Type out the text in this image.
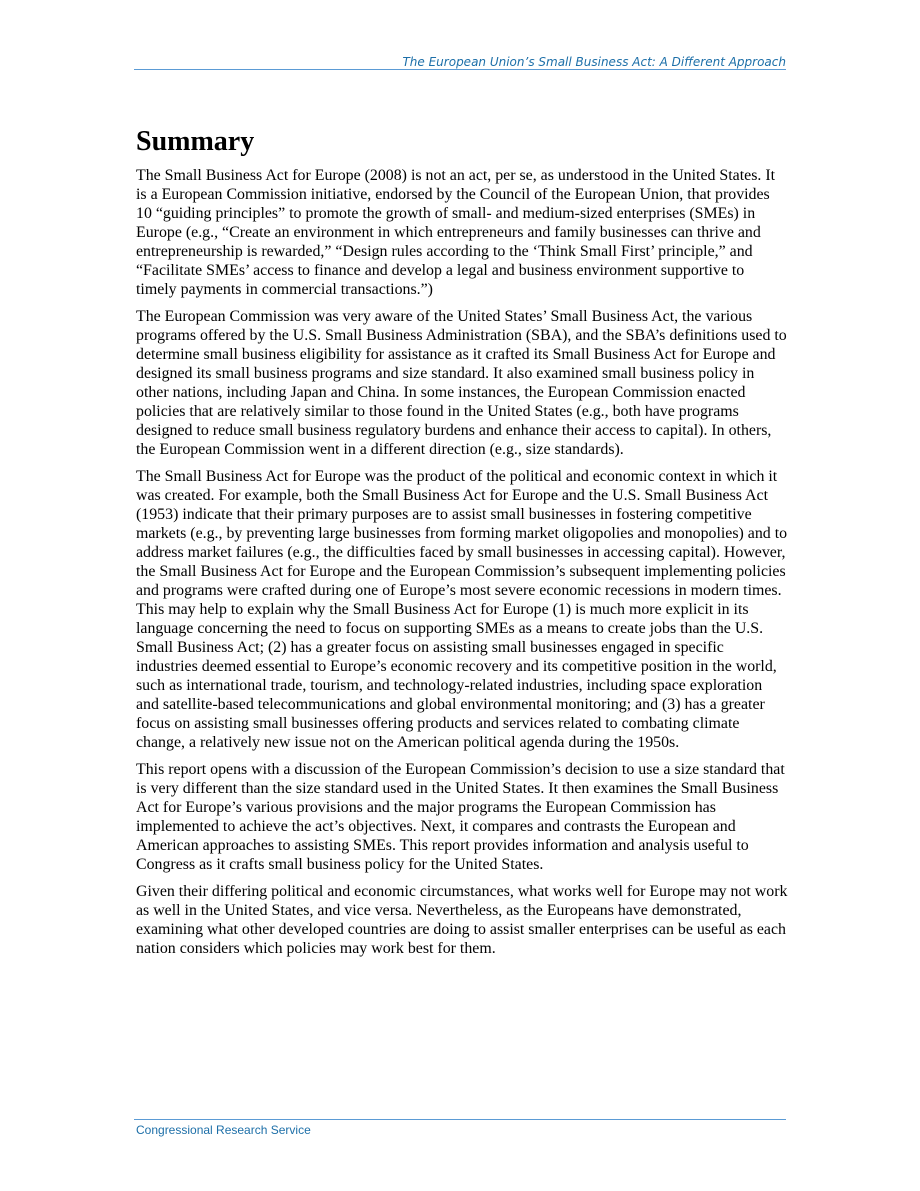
The European Union’s Small Business Act: A Different Approach
Summary

The Small Business Act for Europe (2008) is not an act, per se, as understood in the United States. It is a European Commission initiative, endorsed by the Council of the European Union, that provides 10 “guiding principles” to promote the growth of small- and medium-sized enterprises (SMEs) in Europe (e.g., “Create an environment in which entrepreneurs and family businesses can thrive and entrepreneurship is rewarded,” “Design rules according to the ‘Think Small First’ principle,” and “Facilitate SMEs’ access to finance and develop a legal and business environment supportive to timely payments in commercial transactions.”)

The European Commission was very aware of the United States’ Small Business Act, the various programs offered by the U.S. Small Business Administration (SBA), and the SBA’s definitions used to determine small business eligibility for assistance as it crafted its Small Business Act for Europe and designed its small business programs and size standard. It also examined small business policy in other nations, including Japan and China. In some instances, the European Commission enacted policies that are relatively similar to those found in the United States (e.g., both have programs designed to reduce small business regulatory burdens and enhance their access to capital). In others, the European Commission went in a different direction (e.g., size standards).

The Small Business Act for Europe was the product of the political and economic context in which it was created. For example, both the Small Business Act for Europe and the U.S. Small Business Act (1953) indicate that their primary purposes are to assist small businesses in fostering competitive markets (e.g., by preventing large businesses from forming market oligopolies and monopolies) and to address market failures (e.g., the difficulties faced by small businesses in accessing capital). However, the Small Business Act for Europe and the European Commission’s subsequent implementing policies and programs were crafted during one of Europe’s most severe economic recessions in modern times. This may help to explain why the Small Business Act for Europe (1) is much more explicit in its language concerning the need to focus on supporting SMEs as a means to create jobs than the U.S. Small Business Act; (2) has a greater focus on assisting small businesses engaged in specific industries deemed essential to Europe’s economic recovery and its competitive position in the world, such as international trade, tourism, and technology-related industries, including space exploration and satellite-based telecommunications and global environmental monitoring; and (3) has a greater focus on assisting small businesses offering products and services related to combating climate change, a relatively new issue not on the American political agenda during the 1950s.

This report opens with a discussion of the European Commission’s decision to use a size standard that is very different than the size standard used in the United States. It then examines the Small Business Act for Europe’s various provisions and the major programs the European Commission has implemented to achieve the act’s objectives. Next, it compares and contrasts the European and American approaches to assisting SMEs. This report provides information and analysis useful to Congress as it crafts small business policy for the United States.

Given their differing political and economic circumstances, what works well for Europe may not work as well in the United States, and vice versa. Nevertheless, as the Europeans have demonstrated, examining what other developed countries are doing to assist smaller enterprises can be useful as each nation considers which policies may work best for them.

Congressional Research Service
